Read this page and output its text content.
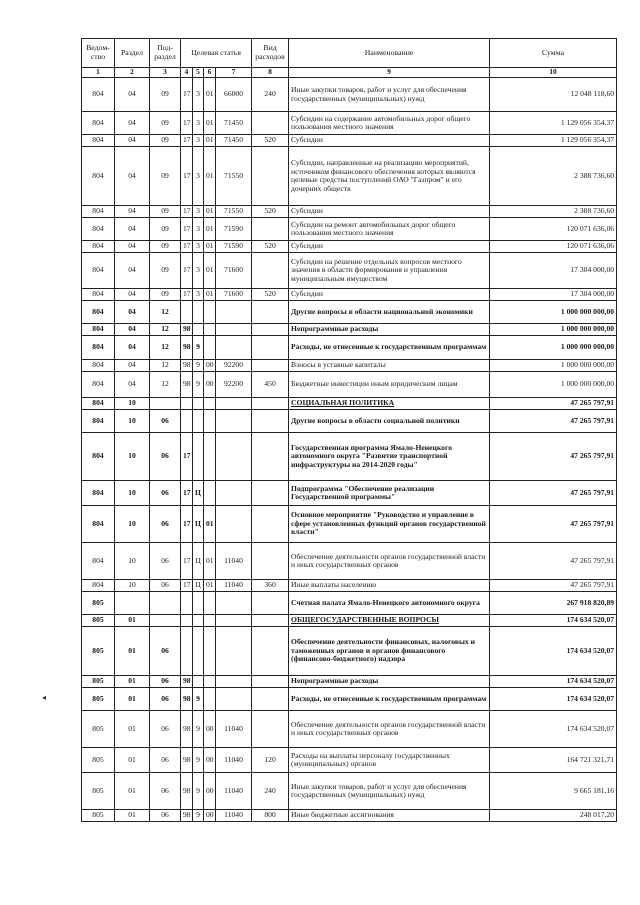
Ведом-ство	Раздел	Под-раздел	Целевая статья				Вид расходов	Наименование	Сумма
1	2	3	4	5	6	7	8	9	10
804	04	09	17	3	01	66000	240	Иные закупки товаров, работ и услуг для обеспечения государственных (муниципальных) нужд	12 048 118,60
804	04	09	17	3	01	71450		Субсидии на содержание автомобильных дорог общего пользования местного значения	1 129 056 354,37
804	04	09	17	3	01	71450	520	Субсидии	1 129 056 354,37
804	04	09	17	3	01	71550		Субсидии, направленные на реализацию мероприятий, источником финансового обеспечения которых являются целевые средства поступлений ОАО "Газпром" и его дочерних обществ	2 388 736,60
804	04	09	17	3	01	71550	520	Субсидии	2 388 736,60
804	04	09	17	3	01	71590		Субсидии на ремонт автомобильных дорог общего пользования местного значения	120 071 636,06
804	04	09	17	3	01	71590	520	Субсидии	120 071 636,06
804	04	09	17	3	01	71600		Субсидии на решение отдельных вопросов местного значения в области формирования и управления муниципальным имуществом	17 304 000,00
804	04	09	17	3	01	71600	520	Субсидии	17 304 000,00
804	04	12						Другие вопросы в области национальной экономики	1 000 000 000,00
804	04	12	98					Непрограммные расходы	1 000 000 000,00
804	04	12	98	9				Расходы, не отнесенные к государственным программам	1 000 000 000,00
804	04	12	98	9	00	92200		Взносы в уставные капиталы	1 000 000 000,00
804	04	12	98	9	00	92200	450	Бюджетные инвестиции иным юридическим лицам	1 000 000 000,00
804	10							СОЦИАЛЬНАЯ ПОЛИТИКА	47 265 797,91
804	10	06						Другие вопросы в области социальной политики	47 265 797,91
804	10	06	17					Государственная программа Ямало-Ненецкого автономного округа "Развитие транспортной инфраструктуры на 2014-2020 годы"	47 265 797,91
804	10	06	17	Ц				Подпрограмма "Обеспечение реализации Государственной программы"	47 265 797,91
804	10	06	17	Ц	01			Основное мероприятие "Руководство и управление в сфере установленных функций органов государственной власти"	47 265 797,91
804	10	06	17	Ц	01	11040		Обеспечение деятельности органов государственной власти и иных государственных органов	47 265 797,91
804	10	06	17	Ц	01	11040	360	Иные выплаты населению	47 265 797,91
805								Счетная палата Ямало-Ненецкого автономного округа	267 918 820,89
805	01							ОБЩЕГОСУДАРСТВЕННЫЕ ВОПРОСЫ	174 634 520,07
805	01	06						Обеспечение деятельности финансовых, налоговых и таможенных органов и органов финансового (финансово-бюджетного) надзора	174 634 520,07
805	01	06	98					Непрограммные расходы	174 634 520,07
805	01	06	98	9				Расходы, не отнесенные к государственным программам	174 634 520,07
805	01	06	98	9	00	11040		Обеспечение деятельности органов государственной власти и иных государственных органов	174 634 520,07
805	01	06	98	9	00	11040	120	Расходы на выплаты персоналу государственных (муниципальных) органов	164 721 321,71
805	01	06	98	9	00	11040	240	Иные закупки товаров, работ и услуг для обеспечения государственных (муниципальных) нужд	9 665 181,16
805	01	06	98	9	00	11040	800	Иные бюджетные ассигнования	248 017,20
◂
